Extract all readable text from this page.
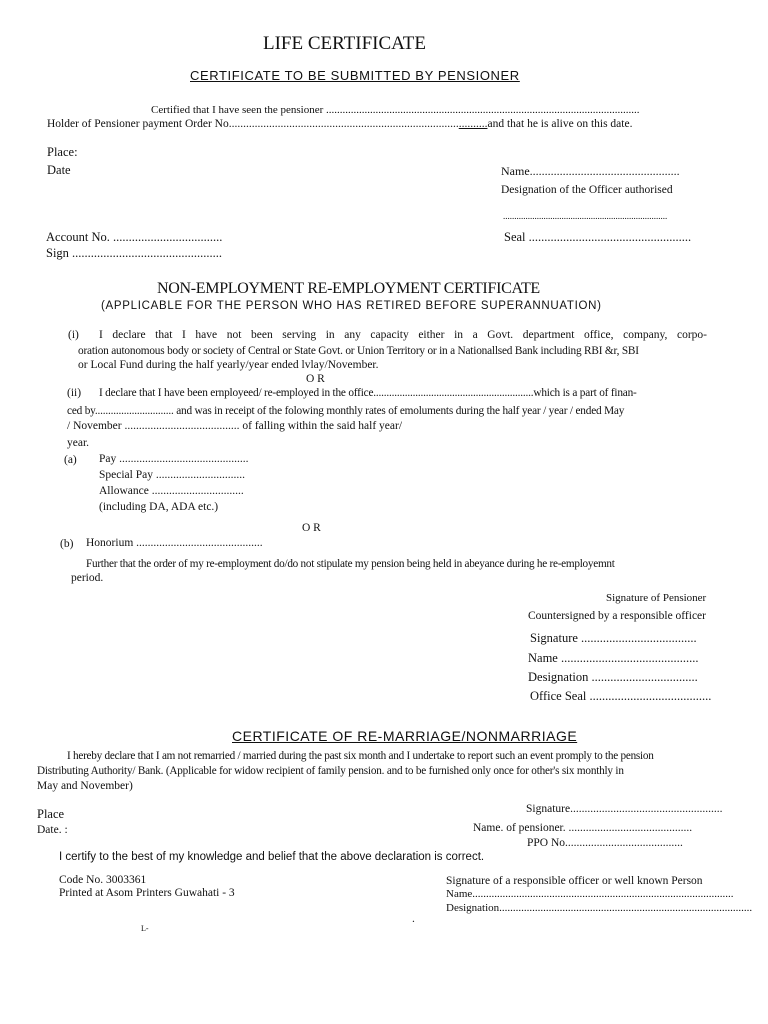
LIFE CERTIFICATE
CERTIFICATE TO BE SUBMITTED BY PENSIONER
Certified that I have seen the pensioner ..................................................................................................................
Holder of Pensioner payment Order No..........................................................................................and that he is alive on this date.
Place:
Date	Name..................................................
Designation of the Officer authorised
.........................................................................
Account No. ...................................	Seal ....................................................
Sign ................................................
NON-EMPLOYMENT RE-EMPLOYMENT CERTIFICATE
(APPLICABLE FOR THE PERSON WHO HAS RETIRED BEFORE SUPERANNUATION)
(i) I declare that I have not been serving in any capacity either in a Govt. department office, company, corpo-
oration autonomous body or society of Central or State Govt. or Union Territory or in a Nationallsed Bank including RBI &r, SBI
or Local Fund during the half yearly/year ended lvlay/November.
O R
(ii) I declare that I have been ernployeed/ re-employed in the office.............................................................which is a part of finan-
ced by.............................. and was in receipt of the folowing monthly rates of emoluments during the half year / year / ended May
/ November ........................................ of falling within the said half year/
year.
(a) Pay .............................................
Special Pay ...............................
Allowance ................................
(including DA, ADA etc.)
O R
(b) Honorium ............................................
Further that the order of my re-employment do/do not stipulate my pension being held in abeyance during he re-employemnt
period.
Signature of Pensioner
Countersigned by a responsible officer
Signature .....................................
Name ............................................
Designation ..................................
Office Seal .......................................
CERTIFICATE OF RE-MARRIAGE/NONMARRIAGE
I hereby declare that I am not remarried / married during the past six month and I undertake to report such an event promply to the pension
Distributing Authority/ Bank. (Applicable for widow recipient of family pension. and to be furnished only once for other's six monthly in
May and November)
Place
Date. :
Signature.....................................................
Name. of pensioner. ...........................................
PPO No.........................................
I certify to the best of my knowledge and belief that the above declaration is correct.
Code No. 3003361
Printed at Asom Printers Guwahati - 3
Signature of a responsible officer or well known Person
Name...............................................................................................
Designation............................................................................................
.
L-
